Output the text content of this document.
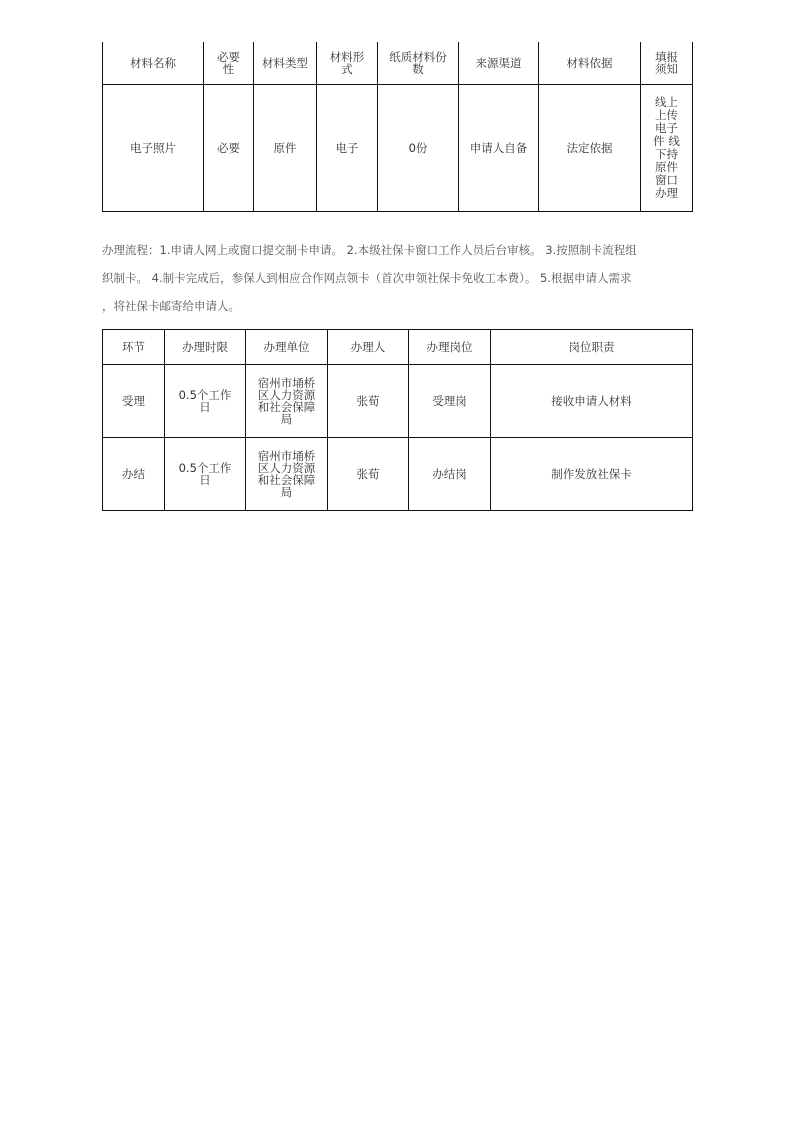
材料名称	必要性	材料类型	材料形式	纸质材料份数	来源渠道	材料依据	填报须知
电子照片	必要	原件	电子	0份	申请人自备	法定依据	线上上传电子件 线下持原件窗口办理
办理流程：1.申请人网上或窗口提交制卡申请。 2.本级社保卡窗口工作人员后台审核。 3.按照制卡流程组
织制卡。 4.制卡完成后，参保人到相应合作网点领卡（首次申领社保卡免收工本费）。 5.根据申请人需求
，将社保卡邮寄给申请人。
环节	办理时限	办理单位	办理人	办理岗位	岗位职责
受理	0.5个工作日	宿州市埇桥区人力资源和社会保障局	张荀	受理岗	接收申请人材料
办结	0.5个工作日	宿州市埇桥区人力资源和社会保障局	张荀	办结岗	制作发放社保卡
